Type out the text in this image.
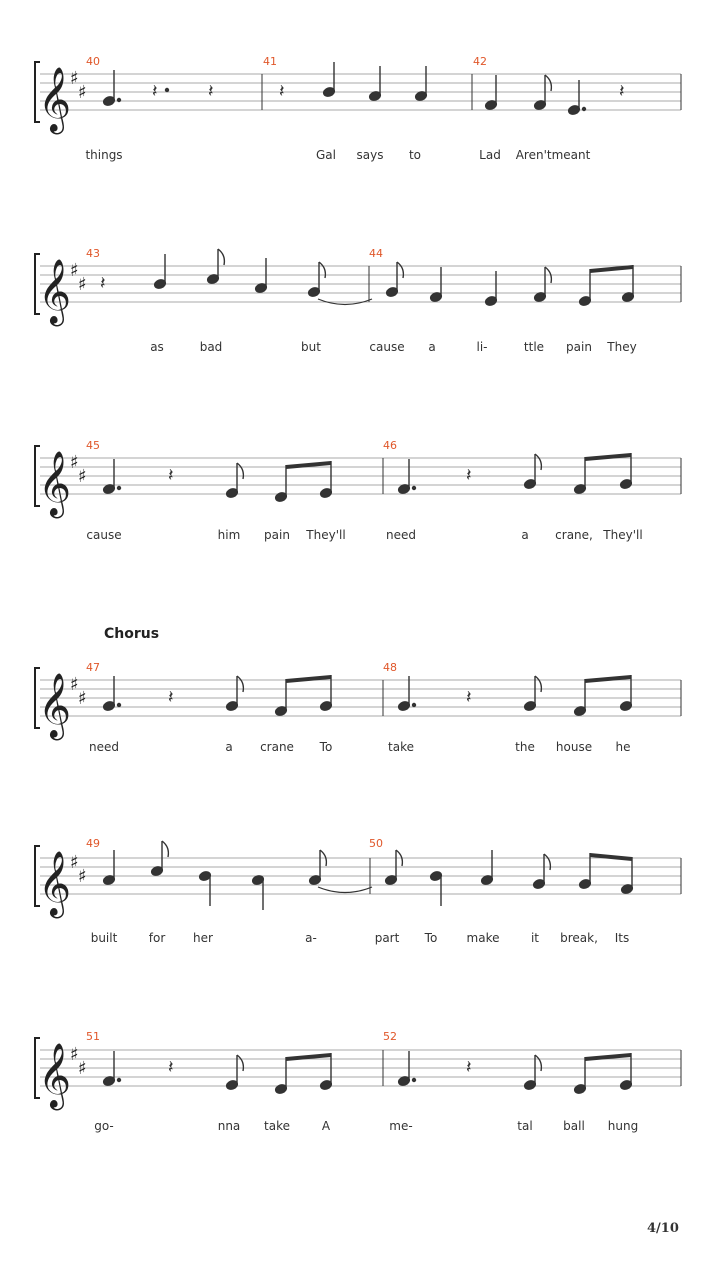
𝄞
♯
♯	𝄽	𝄽	𝄽	𝄽
40	41	42
things	Gal says to	Lad Aren'tmeant
𝄞
♯
♯ 𝄽
43	44
as	bad	but	cause a	li-	ttle pain They
𝄞
♯
♯	𝄽	𝄽
45	46
cause	him pain They'll	need	a crane, They'll
Chorus
𝄞
♯
♯	𝄽	𝄽
47	48
need	a crane To	take	the house he
𝄞
♯
♯
49	50
built	for her	a-	part To make	it break, Its
𝄞
♯
♯	𝄽	𝄽
51	52
go-	nna take	A	me-	tal	ball hung
4/10
